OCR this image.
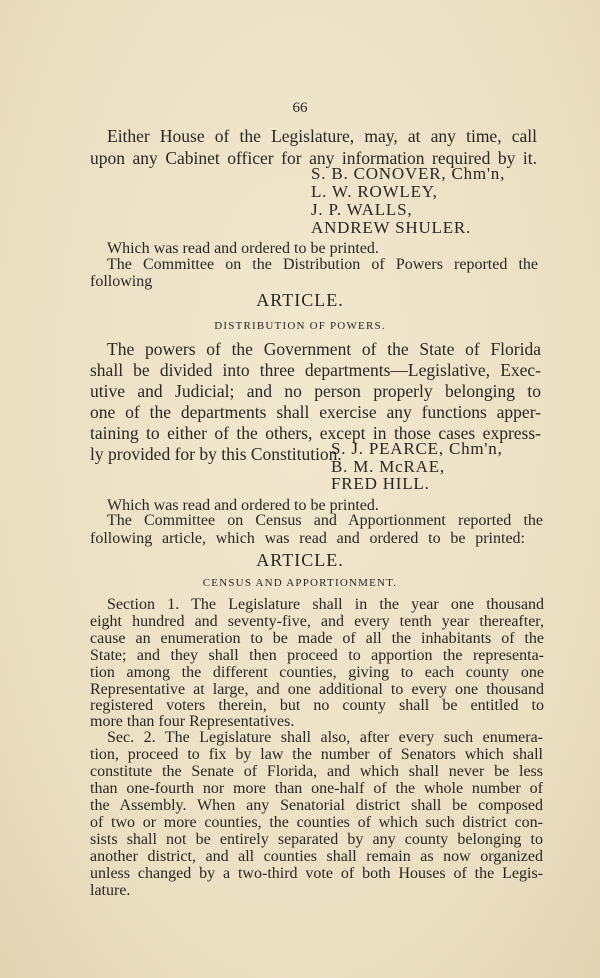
66
Either House of the Legislature, may, at any time, call
upon any Cabinet officer for any information required by it.
S. B. CONOVER, Chm'n,
L. W. ROWLEY,
J. P. WALLS,
ANDREW SHULER.
Which was read and ordered to be printed.
The Committee on the Distribution of Powers reported the
following
ARTICLE.
DISTRIBUTION OF POWERS.
The powers of the Government of the State of Florida
shall be divided into three departments—Legislative, Exec-
utive and Judicial; and no person properly belonging to
one of the departments shall exercise any functions apper-
taining to either of the others, except in those cases express-
ly provided for by this Constitution.
S. J. PEARCE, Chm'n,
B. M. McRAE,
FRED HILL.
Which was read and ordered to be printed.
The Committee on Census and Apportionment reported the
following article, which was read and ordered to be printed:
ARTICLE.
CENSUS AND APPORTIONMENT.
Section 1. The Legislature shall in the year one thousand
eight hundred and seventy-five, and every tenth year thereafter,
cause an enumeration to be made of all the inhabitants of the
State; and they shall then proceed to apportion the representa-
tion among the different counties, giving to each county one
Representative at large, and one additional to every one thousand
registered voters therein, but no county shall be entitled to
more than four Representatives.
Sec. 2. The Legislature shall also, after every such enumera-
tion, proceed to fix by law the number of Senators which shall
constitute the Senate of Florida, and which shall never be less
than one-fourth nor more than one-half of the whole number of
the Assembly. When any Senatorial district shall be composed
of two or more counties, the counties of which such district con-
sists shall not be entirely separated by any county belonging to
another district, and all counties shall remain as now organized
unless changed by a two-third vote of both Houses of the Legis-
lature.
